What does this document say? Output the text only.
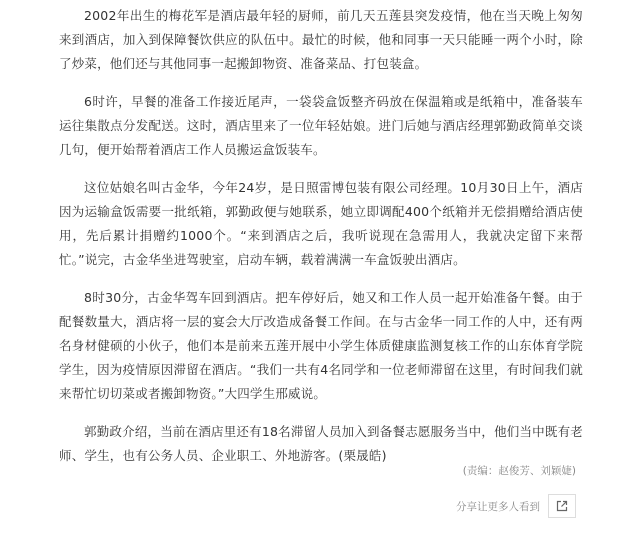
2002年出生的梅花军是酒店最年轻的厨师，前几天五莲县突发疫情，他在当天晚上匆匆来到酒店，加入到保障餐饮供应的队伍中。最忙的时候，他和同事一天只能睡一两个小时，除了炒菜，他们还与其他同事一起搬卸物资、准备菜品、打包装盒。

6时许，早餐的准备工作接近尾声，一袋袋盒饭整齐码放在保温箱或是纸箱中，准备装车运往集散点分发配送。这时，酒店里来了一位年轻姑娘。进门后她与酒店经理郭勤政简单交谈几句，便开始帮着酒店工作人员搬运盒饭装车。

这位姑娘名叫古金华，今年24岁，是日照雷博包装有限公司经理。10月30日上午，酒店因为运输盒饭需要一批纸箱，郭勤政便与她联系，她立即调配400个纸箱并无偿捐赠给酒店使用，先后累计捐赠约1000个。“来到酒店之后，我听说现在急需用人，我就决定留下来帮忙。”说完，古金华坐进驾驶室，启动车辆，载着满满一车盒饭驶出酒店。

8时30分，古金华驾车回到酒店。把车停好后，她又和工作人员一起开始准备午餐。由于配餐数量大，酒店将一层的宴会大厅改造成备餐工作间。在与古金华一同工作的人中，还有两名身材健硕的小伙子，他们本是前来五莲开展中小学生体质健康监测复核工作的山东体育学院学生，因为疫情原因滞留在酒店。“我们一共有4名同学和一位老师滞留在这里，有时间我们就来帮忙切切菜或者搬卸物资。”大四学生邢威说。

郭勤政介绍，当前在酒店里还有18名滞留人员加入到备餐志愿服务当中，他们当中既有老师、学生，也有公务人员、企业职工、外地游客。(栗晟皓)

(责编：赵俊芳、刘颖婕)
分享让更多人看到
